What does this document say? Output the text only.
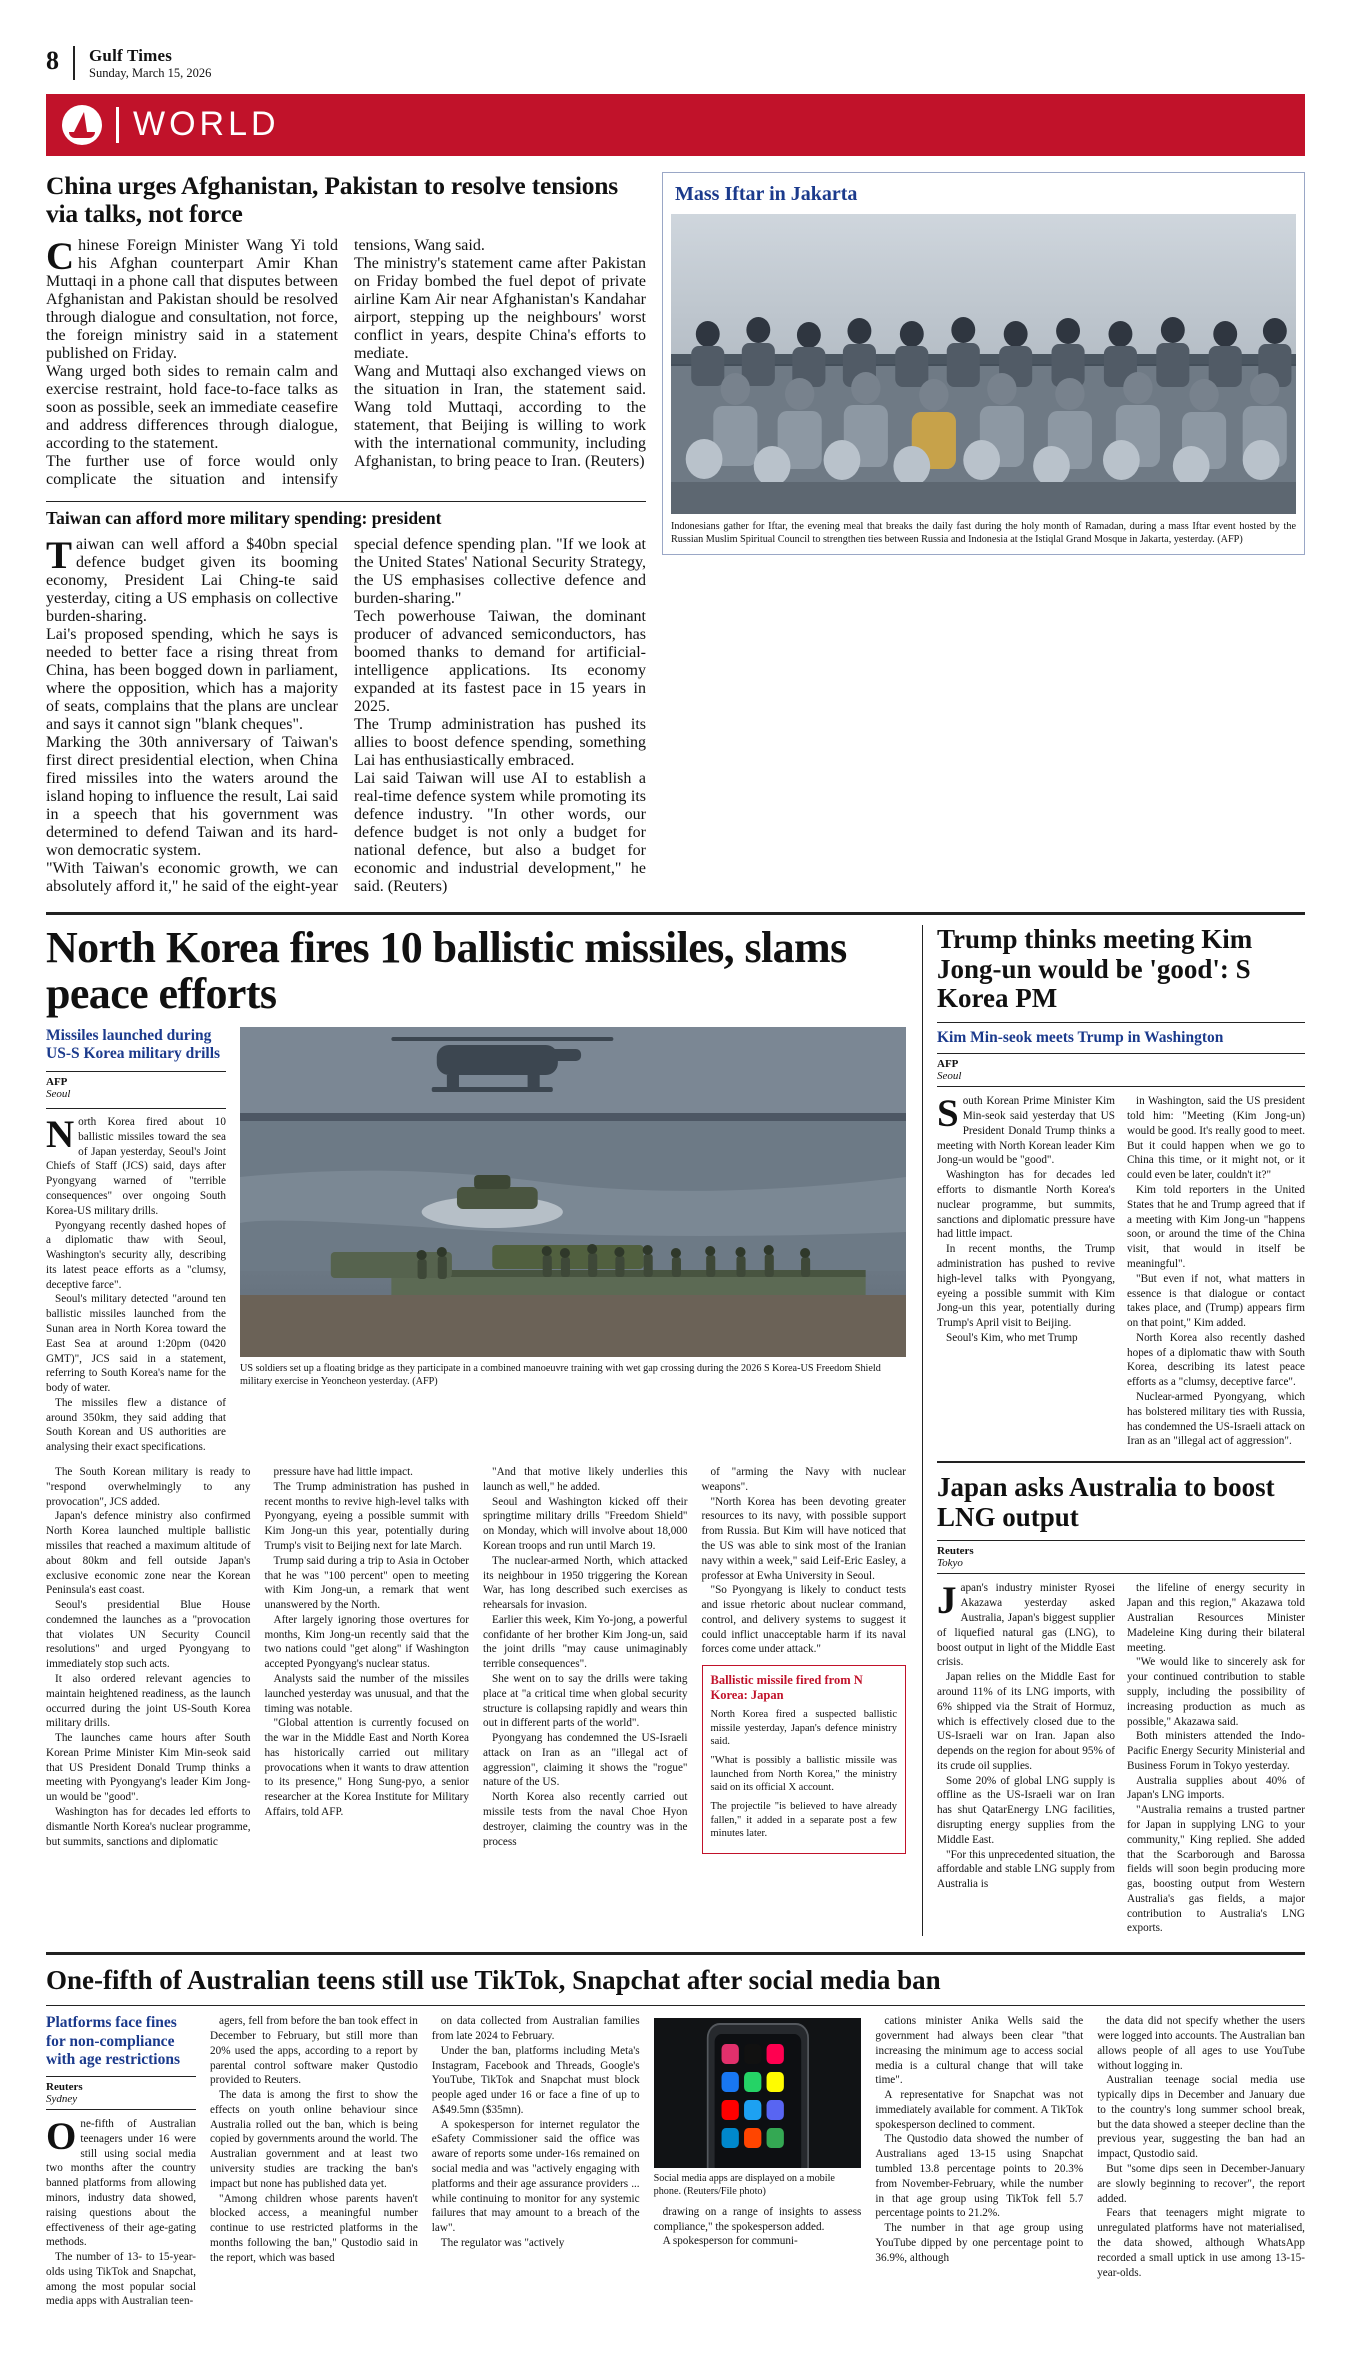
8 Gulf Times
Sunday, March 15, 2026
WORLD
China urges Afghanistan, Pakistan to resolve tensions via talks, not force

Chinese Foreign Minister Wang Yi told his Afghan counterpart Amir Khan Muttaqi in a phone call that disputes between Afghanistan and Pakistan should be resolved through dialogue and consultation, not force, the foreign ministry said in a statement published on Friday.

Wang urged both sides to remain calm and exercise restraint, hold face-to-face talks as soon as possible, seek an immediate ceasefire and address differences through dialogue, according to the statement.

The further use of force would only complicate the situation and intensify tensions, Wang said.

The ministry's statement came after Pakistan on Friday bombed the fuel depot of private airline Kam Air near Afghanistan's Kandahar airport, stepping up the neighbours' worst conflict in years, despite China's efforts to mediate.

Wang and Muttaqi also exchanged views on the situation in Iran, the statement said. Wang told Muttaqi, according to the statement, that Beijing is willing to work with the international community, including Afghanistan, to bring peace to Iran. (Reuters)

Taiwan can afford more military spending: president

Taiwan can well afford a $40bn special defence budget given its booming economy, President Lai Ching-te said yesterday, citing a US emphasis on collective burden-sharing.

Lai's proposed spending, which he says is needed to better face a rising threat from China, has been bogged down in parliament, where the opposition, which has a majority of seats, complains that the plans are unclear and says it cannot sign "blank cheques".

Marking the 30th anniversary of Taiwan's first direct presidential election, when China fired missiles into the waters around the island hoping to influence the result, Lai said in a speech that his government was determined to defend Taiwan and its hard-won democratic system.

"With Taiwan's economic growth, we can absolutely afford it," he said of the eight-year special defence spending plan. "If we look at the United States' National Security Strategy, the US emphasises collective defence and burden-sharing."

Tech powerhouse Taiwan, the dominant producer of advanced semiconductors, has boomed thanks to demand for artificial-intelligence applications. Its economy expanded at its fastest pace in 15 years in 2025.

The Trump administration has pushed its allies to boost defence spending, something Lai has enthusiastically embraced.

Lai said Taiwan will use AI to establish a real-time defence system while promoting its defence industry. "In other words, our defence budget is not only a budget for national defence, but also a budget for economic and industrial development," he said. (Reuters)

Mass Iftar in Jakarta
Indonesians gather for Iftar, the evening meal that breaks the daily fast during the holy month of Ramadan, during a mass Iftar event hosted by the Russian Muslim Spiritual Council to strengthen ties between Russia and Indonesia at the Istiqlal Grand Mosque in Jakarta, yesterday. (AFP)
North Korea fires 10 ballistic missiles, slams peace efforts
Missiles launched during US-S Korea military drills
AFP
Seoul

North Korea fired about 10 ballistic missiles toward the sea of Japan yesterday, Seoul's Joint Chiefs of Staff (JCS) said, days after Pyongyang warned of "terrible consequences" over ongoing South Korea-US military drills.

Pyongyang recently dashed hopes of a diplomatic thaw with Seoul, Washington's security ally, describing its latest peace efforts as a "clumsy, deceptive farce".

Seoul's military detected "around ten ballistic missiles launched from the Sunan area in North Korea toward the East Sea at around 1:20pm (0420 GMT)", JCS said in a statement, referring to South Korea's name for the body of water.

The missiles flew a distance of around 350km, they said adding that South Korean and US authorities are analysing their exact specifications.

US soldiers set up a floating bridge as they participate in a combined manoeuvre training with wet gap crossing during the 2026 S Korea-US Freedom Shield military exercise in Yeoncheon yesterday. (AFP)

The South Korean military is ready to "respond overwhelmingly to any provocation", JCS added.

Japan's defence ministry also confirmed North Korea launched multiple ballistic missiles that reached a maximum altitude of about 80km and fell outside Japan's exclusive economic zone near the Korean Peninsula's east coast.

Seoul's presidential Blue House condemned the launches as a "provocation that violates UN Security Council resolutions" and urged Pyongyang to immediately stop such acts.

It also ordered relevant agencies to maintain heightened readiness, as the launch occurred during the joint US-South Korea military drills.

The launches came hours after South Korean Prime Minister Kim Min-seok said that US President Donald Trump thinks a meeting with Pyongyang's leader Kim Jong-un would be "good".

Washington has for decades led efforts to dismantle North Korea's nuclear programme, but summits, sanctions and diplomatic

pressure have had little impact.

The Trump administration has pushed in recent months to revive high-level talks with Pyongyang, eyeing a possible summit with Kim Jong-un this year, potentially during Trump's visit to Beijing next for late March.

Trump said during a trip to Asia in October that he was "100 percent" open to meeting with Kim Jong-un, a remark that went unanswered by the North.

After largely ignoring those overtures for months, Kim Jong-un recently said that the two nations could "get along" if Washington accepted Pyongyang's nuclear status.

Analysts said the number of the missiles launched yesterday was unusual, and that the timing was notable.

"Global attention is currently focused on the war in the Middle East and North Korea has historically carried out military provocations when it wants to draw attention to its presence," Hong Sung-pyo, a senior researcher at the Korea Institute for Military Affairs, told AFP.

"And that motive likely underlies this launch as well," he added.

Seoul and Washington kicked off their springtime military drills "Freedom Shield" on Monday, which will involve about 18,000 Korean troops and run until March 19.

The nuclear-armed North, which attacked its neighbour in 1950 triggering the Korean War, has long described such exercises as rehearsals for invasion.

Earlier this week, Kim Yo-jong, a powerful confidante of her brother Kim Jong-un, said the joint drills "may cause unimaginably terrible consequences".

She went on to say the drills were taking place at "a critical time when global security structure is collapsing rapidly and wears thin out in different parts of the world".

Pyongyang has condemned the US-Israeli attack on Iran as an "illegal act of aggression", claiming it shows the "rogue" nature of the US.

North Korea also recently carried out missile tests from the naval Choe Hyon destroyer, claiming the country was in the process

of "arming the Navy with nuclear weapons".

"North Korea has been devoting greater resources to its navy, with possible support from Russia. But Kim will have noticed that the US was able to sink most of the Iranian navy within a week," said Leif-Eric Easley, a professor at Ewha University in Seoul.

"So Pyongyang is likely to conduct tests and issue rhetoric about nuclear command, control, and delivery systems to suggest it could inflict unacceptable harm if its naval forces come under attack."

Ballistic missile fired from N Korea: Japan

North Korea fired a suspected ballistic missile yesterday, Japan's defence ministry said.

"What is possibly a ballistic missile was launched from North Korea," the ministry said on its official X account.

The projectile "is believed to have already fallen," it added in a separate post a few minutes later.

Trump thinks meeting Kim Jong-un would be 'good': S Korea PM
Kim Min-seok meets Trump in Washington
AFP
Seoul

South Korean Prime Minister Kim Min-seok said yesterday that US President Donald Trump thinks a meeting with North Korean leader Kim Jong-un would be "good".

Washington has for decades led efforts to dismantle North Korea's nuclear programme, but summits, sanctions and diplomatic pressure have had little impact.

In recent months, the Trump administration has pushed to revive high-level talks with Pyongyang, eyeing a possible summit with Kim Jong-un this year, potentially during Trump's April visit to Beijing.

Seoul's Kim, who met Trump

in Washington, said the US president told him: "Meeting (Kim Jong-un) would be good. It's really good to meet. But it could happen when we go to China this time, or it might not, or it could even be later, couldn't it?"

Kim told reporters in the United States that he and Trump agreed that if a meeting with Kim Jong-un "happens soon, or around the time of the China visit, that would in itself be meaningful".

"But even if not, what matters in essence is that dialogue or contact takes place, and (Trump) appears firm on that point," Kim added.

North Korea also recently dashed hopes of a diplomatic thaw with South Korea, describing its latest peace efforts as a "clumsy, deceptive farce".

Nuclear-armed Pyongyang, which has bolstered military ties with Russia, has condemned the US-Israeli attack on Iran as an "illegal act of aggression".

Japan asks Australia to boost LNG output
Reuters
Tokyo

Japan's industry minister Ryosei Akazawa yesterday asked Australia, Japan's biggest supplier of liquefied natural gas (LNG), to boost output in light of the Middle East crisis.

Japan relies on the Middle East for around 11% of its LNG imports, with 6% shipped via the Strait of Hormuz, which is effectively closed due to the US-Israeli war on Iran. Japan also depends on the region for about 95% of its crude oil supplies.

Some 20% of global LNG supply is offline as the US-Israeli war on Iran has shut QatarEnergy LNG facilities, disrupting energy supplies from the Middle East.

"For this unprecedented situation, the affordable and stable LNG supply from Australia is

the lifeline of energy security in Japan and this region," Akazawa told Australian Resources Minister Madeleine King during their bilateral meeting.

"We would like to sincerely ask for your continued contribution to stable supply, including the possibility of increasing production as much as possible," Akazawa said.

Both ministers attended the Indo-Pacific Energy Security Ministerial and Business Forum in Tokyo yesterday.

Australia supplies about 40% of Japan's LNG imports.

"Australia remains a trusted partner for Japan in supplying LNG to your community," King replied. She added that the Scarborough and Barossa fields will soon begin producing more gas, boosting output from Western Australia's gas fields, a major contribution to Australia's LNG exports.

One-fifth of Australian teens still use TikTok, Snapchat after social media ban
Platforms face fines for non-compliance with age restrictions
Reuters
Sydney

One-fifth of Australian teenagers under 16 were still using social media two months after the country banned platforms from allowing minors, industry data showed, raising questions about the effectiveness of their age-gating methods.

The number of 13- to 15-year-olds using TikTok and Snapchat, among the most popular social media apps with Australian teen-

agers, fell from before the ban took effect in December to February, but still more than 20% used the apps, according to a report by parental control software maker Qustodio provided to Reuters.

The data is among the first to show the effects on youth online behaviour since Australia rolled out the ban, which is being copied by governments around the world. The Australian government and at least two university studies are tracking the ban's impact but none has published data yet.

"Among children whose parents haven't blocked access, a meaningful number continue to use restricted platforms in the months following the ban," Qustodio said in the report, which was based

on data collected from Australian families from late 2024 to February.

Under the ban, platforms including Meta's Instagram, Facebook and Threads, Google's YouTube, TikTok and Snapchat must block people aged under 16 or face a fine of up to A$49.5mn ($35mn).

A spokesperson for internet regulator the eSafety Commissioner said the office was aware of reports some under-16s remained on social media and was "actively engaging with platforms and their age assurance providers ... while continuing to monitor for any systemic failures that may amount to a breach of the law".

The regulator was "actively

Social media apps are displayed on a mobile phone. (Reuters/File photo)

drawing on a range of insights to assess compliance," the spokesperson added.

A spokesperson for communi-

cations minister Anika Wells said the government had always been clear "that increasing the minimum age to access social media is a cultural change that will take time".

A representative for Snapchat was not immediately available for comment. A TikTok spokesperson declined to comment.

The Qustodio data showed the number of Australians aged 13-15 using Snapchat tumbled 13.8 percentage points to 20.3% from November-February, while the number in that age group using TikTok fell 5.7 percentage points to 21.2%.

The number in that age group using YouTube dipped by one percentage point to 36.9%, although

the data did not specify whether the users were logged into accounts. The Australian ban allows people of all ages to use YouTube without logging in.

Australian teenage social media use typically dips in December and January due to the country's long summer school break, but the data showed a steeper decline than the previous year, suggesting the ban had an impact, Qustodio said.

But "some dips seen in December-January are slowly beginning to recover", the report added.

Fears that teenagers might migrate to unregulated platforms have not materialised, the data showed, although WhatsApp recorded a small uptick in use among 13-15-year-olds.
